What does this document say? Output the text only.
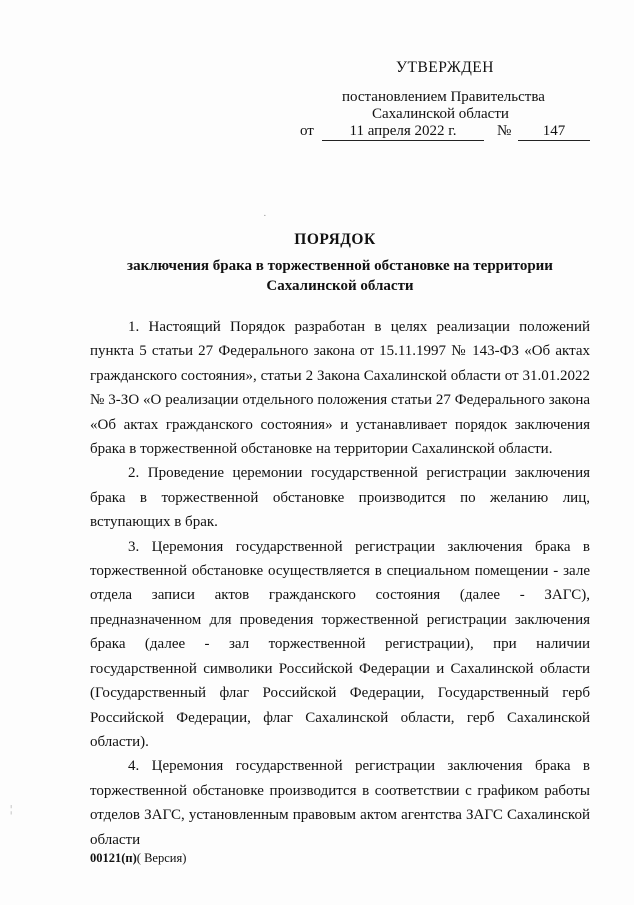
УТВЕРЖДЕН
постановлением Правительства
Сахалинской области
от	11 апреля 2022 г.	№	147
ПОРЯДОК
заключения брака в торжественной обстановке на территории
Сахалинской области

1. Настоящий Порядок разработан в целях реализации положений пункта 5 статьи 27 Федерального закона от 15.11.1997 № 143-ФЗ «Об актах гражданского состояния», статьи 2 Закона Сахалинской области от 31.01.2022 № 3-ЗО «О реализации отдельного положения статьи 27 Федерального закона «Об актах гражданского состояния» и устанавливает порядок заключения брака в торжественной обстановке на территории Сахалинской области.

2. Проведение церемонии государственной регистрации заключения брака в торжественной обстановке производится по желанию лиц, вступающих в брак.

3. Церемония государственной регистрации заключения брака в торжественной обстановке осуществляется в специальном помещении - зале отдела записи актов гражданского состояния (далее - ЗАГС), предназначенном для проведения торжественной регистрации заключения брака (далее - зал торжественной регистрации), при наличии государственной символики Российской Федерации и Сахалинской области (Государственный флаг Российской Федерации, Государственный герб Российской Федерации, флаг Сахалинской области, герб Сахалинской области).

4. Церемония государственной регистрации заключения брака в торжественной обстановке производится в соответствии с графиком работы отделов ЗАГС, установленным правовым актом агентства ЗАГС Сахалинской области

00121(п)( Версия)
·
¦
